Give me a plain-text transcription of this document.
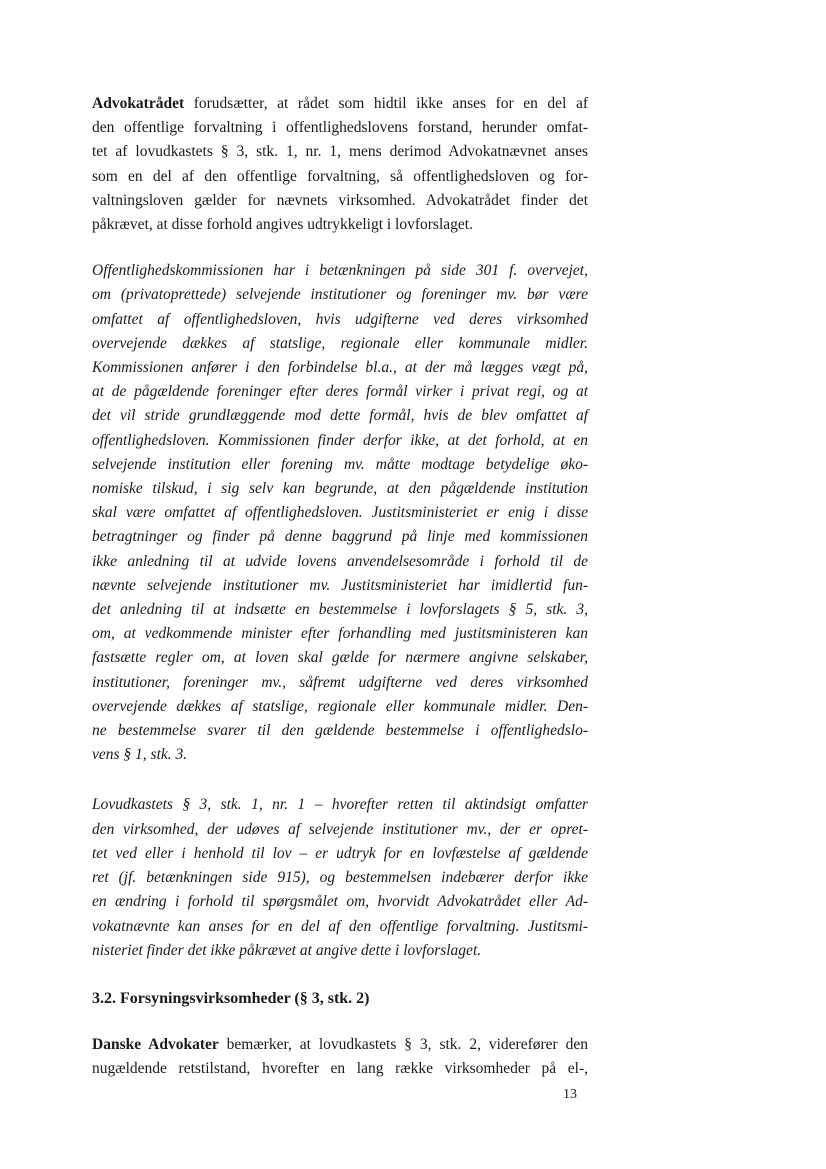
Advokatrådet forudsætter, at rådet som hidtil ikke anses for en del af
den offentlige forvaltning i offentlighedslovens forstand, herunder omfat-
tet af lovudkastets § 3, stk. 1, nr. 1, mens derimod Advokatnævnet anses
som en del af den offentlige forvaltning, så offentlighedsloven og for-
valtningsloven gælder for nævnets virksomhed. Advokatrådet finder det
påkrævet, at disse forhold angives udtrykkeligt i lovforslaget.

Offentlighedskommissionen har i betænkningen på side 301 f. overvejet,
om (privatoprettede) selvejende institutioner og foreninger mv. bør være
omfattet af offentlighedsloven, hvis udgifterne ved deres virksomhed
overvejende dækkes af statslige, regionale eller kommunale midler.
Kommissionen anfører i den forbindelse bl.a., at der må lægges vægt på,
at de pågældende foreninger efter deres formål virker i privat regi, og at
det vil stride grundlæggende mod dette formål, hvis de blev omfattet af
offentlighedsloven. Kommissionen finder derfor ikke, at det forhold, at en
selvejende institution eller forening mv. måtte modtage betydelige øko-
nomiske tilskud, i sig selv kan begrunde, at den pågældende institution
skal være omfattet af offentlighedsloven. Justitsministeriet er enig i disse
betragtninger og finder på denne baggrund på linje med kommissionen
ikke anledning til at udvide lovens anvendelsesområde i forhold til de
nævnte selvejende institutioner mv. Justitsministeriet har imidlertid fun-
det anledning til at indsætte en bestemmelse i lovforslagets § 5, stk. 3,
om, at vedkommende minister efter forhandling med justitsministeren kan
fastsætte regler om, at loven skal gælde for nærmere angivne selskaber,
institutioner, foreninger mv., såfremt udgifterne ved deres virksomhed
overvejende dækkes af statslige, regionale eller kommunale midler. Den-
ne bestemmelse svarer til den gældende bestemmelse i offentlighedslo-
vens § 1, stk. 3.

Lovudkastets § 3, stk. 1, nr. 1 – hvorefter retten til aktindsigt omfatter
den virksomhed, der udøves af selvejende institutioner mv., der er opret-
tet ved eller i henhold til lov – er udtryk for en lovfæstelse af gældende
ret (jf. betænkningen side 915), og bestemmelsen indebærer derfor ikke
en ændring i forhold til spørgsmålet om, hvorvidt Advokatrådet eller Ad-
vokatnævnte kan anses for en del af den offentlige forvaltning. Justitsmi-
nisteriet finder det ikke påkrævet at angive dette i lovforslaget.

3.2. Forsyningsvirksomheder (§ 3, stk. 2)

Danske Advokater bemærker, at lovudkastets § 3, stk. 2, viderefører den
nugældende retstilstand, hvorefter en lang række virksomheder på el-,

13
